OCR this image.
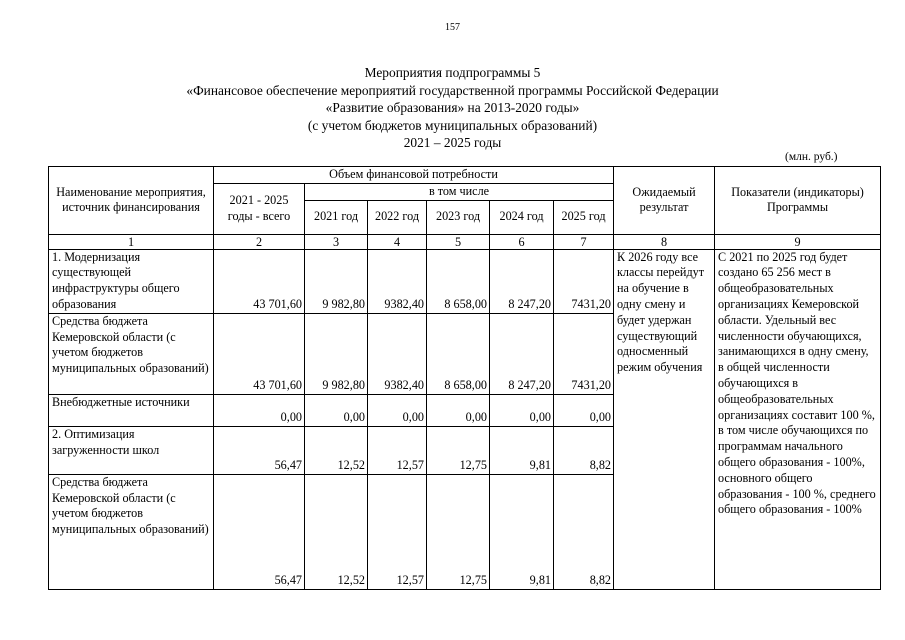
157
Мероприятия подпрограммы 5
«Финансовое обеспечение мероприятий государственной программы Российской Федерации
«Развитие образования» на 2013-2020 годы»
(с учетом бюджетов муниципальных образований)
2021 – 2025 годы
(млн. руб.)
Наименование мероприятия, источник финансирования	Объем финансовой потребности						Ожидаемый результат	Показатели (индикаторы) Программы
	2021 - 2025 годы - всего	в том числе						
		2021 год	2022 год	2023 год	2024 год	2025 год		
1	2	3	4	5	6	7	8	9
1. Модернизация существующей инфраструктуры общего образования	43 701,60	9 982,80	9382,40	8 658,00	8 247,20	7431,20	К 2026 году все классы перейдут на обучение в одну смену и будет удержан существующий односменный режим обучения	С 2021 по 2025 год будет создано 65 256 мест в общеобразовательных организациях Кемеровской области. Удельный вес численности обучающихся, занимающихся в одну смену, в общей численности обучающихся в общеобразовательных организациях составит 100 %, в том числе обучающихся по программам начального общего образования - 100%, основного общего образования - 100 %, среднего общего образования - 100%
Средства бюджета Кемеровской области (с учетом бюджетов муниципальных образований)	43 701,60	9 982,80	9382,40	8 658,00	8 247,20	7431,20		
Внебюджетные источники	0,00	0,00	0,00	0,00	0,00	0,00		
2. Оптимизация загруженности школ	56,47	12,52	12,57	12,75	9,81	8,82		
Средства бюджета Кемеровской области (с учетом бюджетов муниципальных образований)	56,47	12,52	12,57	12,75	9,81	8,82		
